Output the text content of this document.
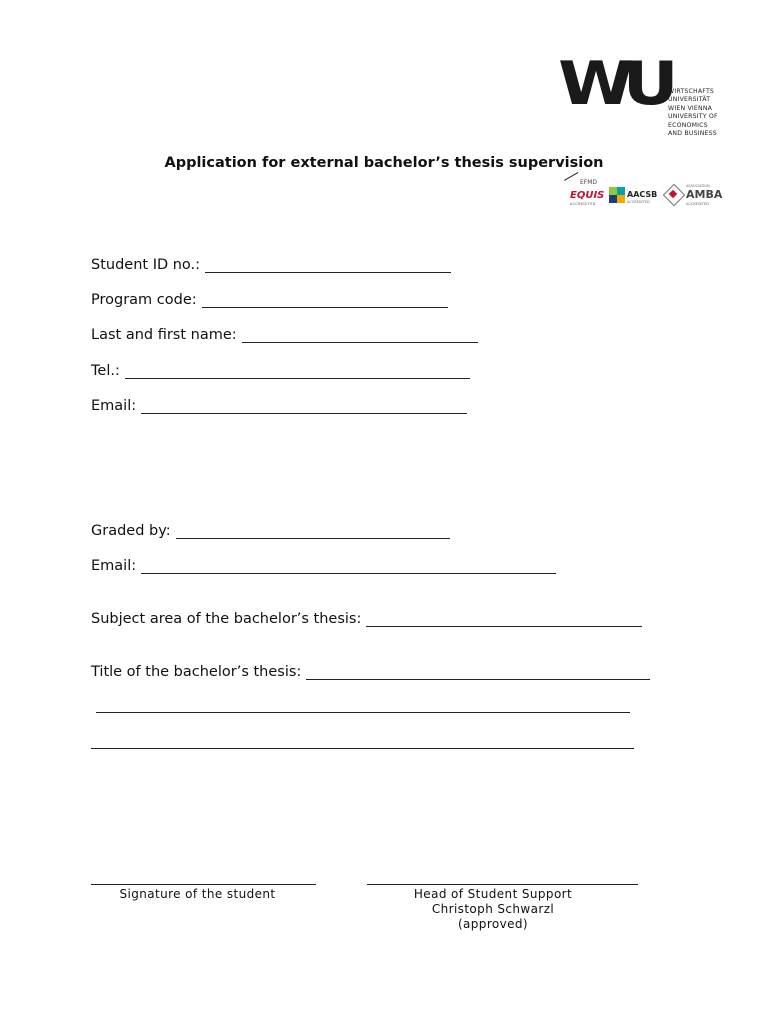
WU WIRTSCHAFTS
UNIVERSITÄT
WIEN VIENNA
UNIVERSITY OF
ECONOMICS
AND BUSINESS
Application for external bachelor’s thesis supervision
EFMD
EQUIS
ACCREDITED
AACSB
ACCREDITED
ASSOCIATION
AMBA
ACCREDITED
Student ID no.:
Program code:
Last and first name:
Tel.:
Email:
Graded by:
Email:
Subject area of the bachelor’s thesis:
Title of the bachelor’s thesis:
Signature of the student	Head of Student Support
Christoph Schwarzl
(approved)
